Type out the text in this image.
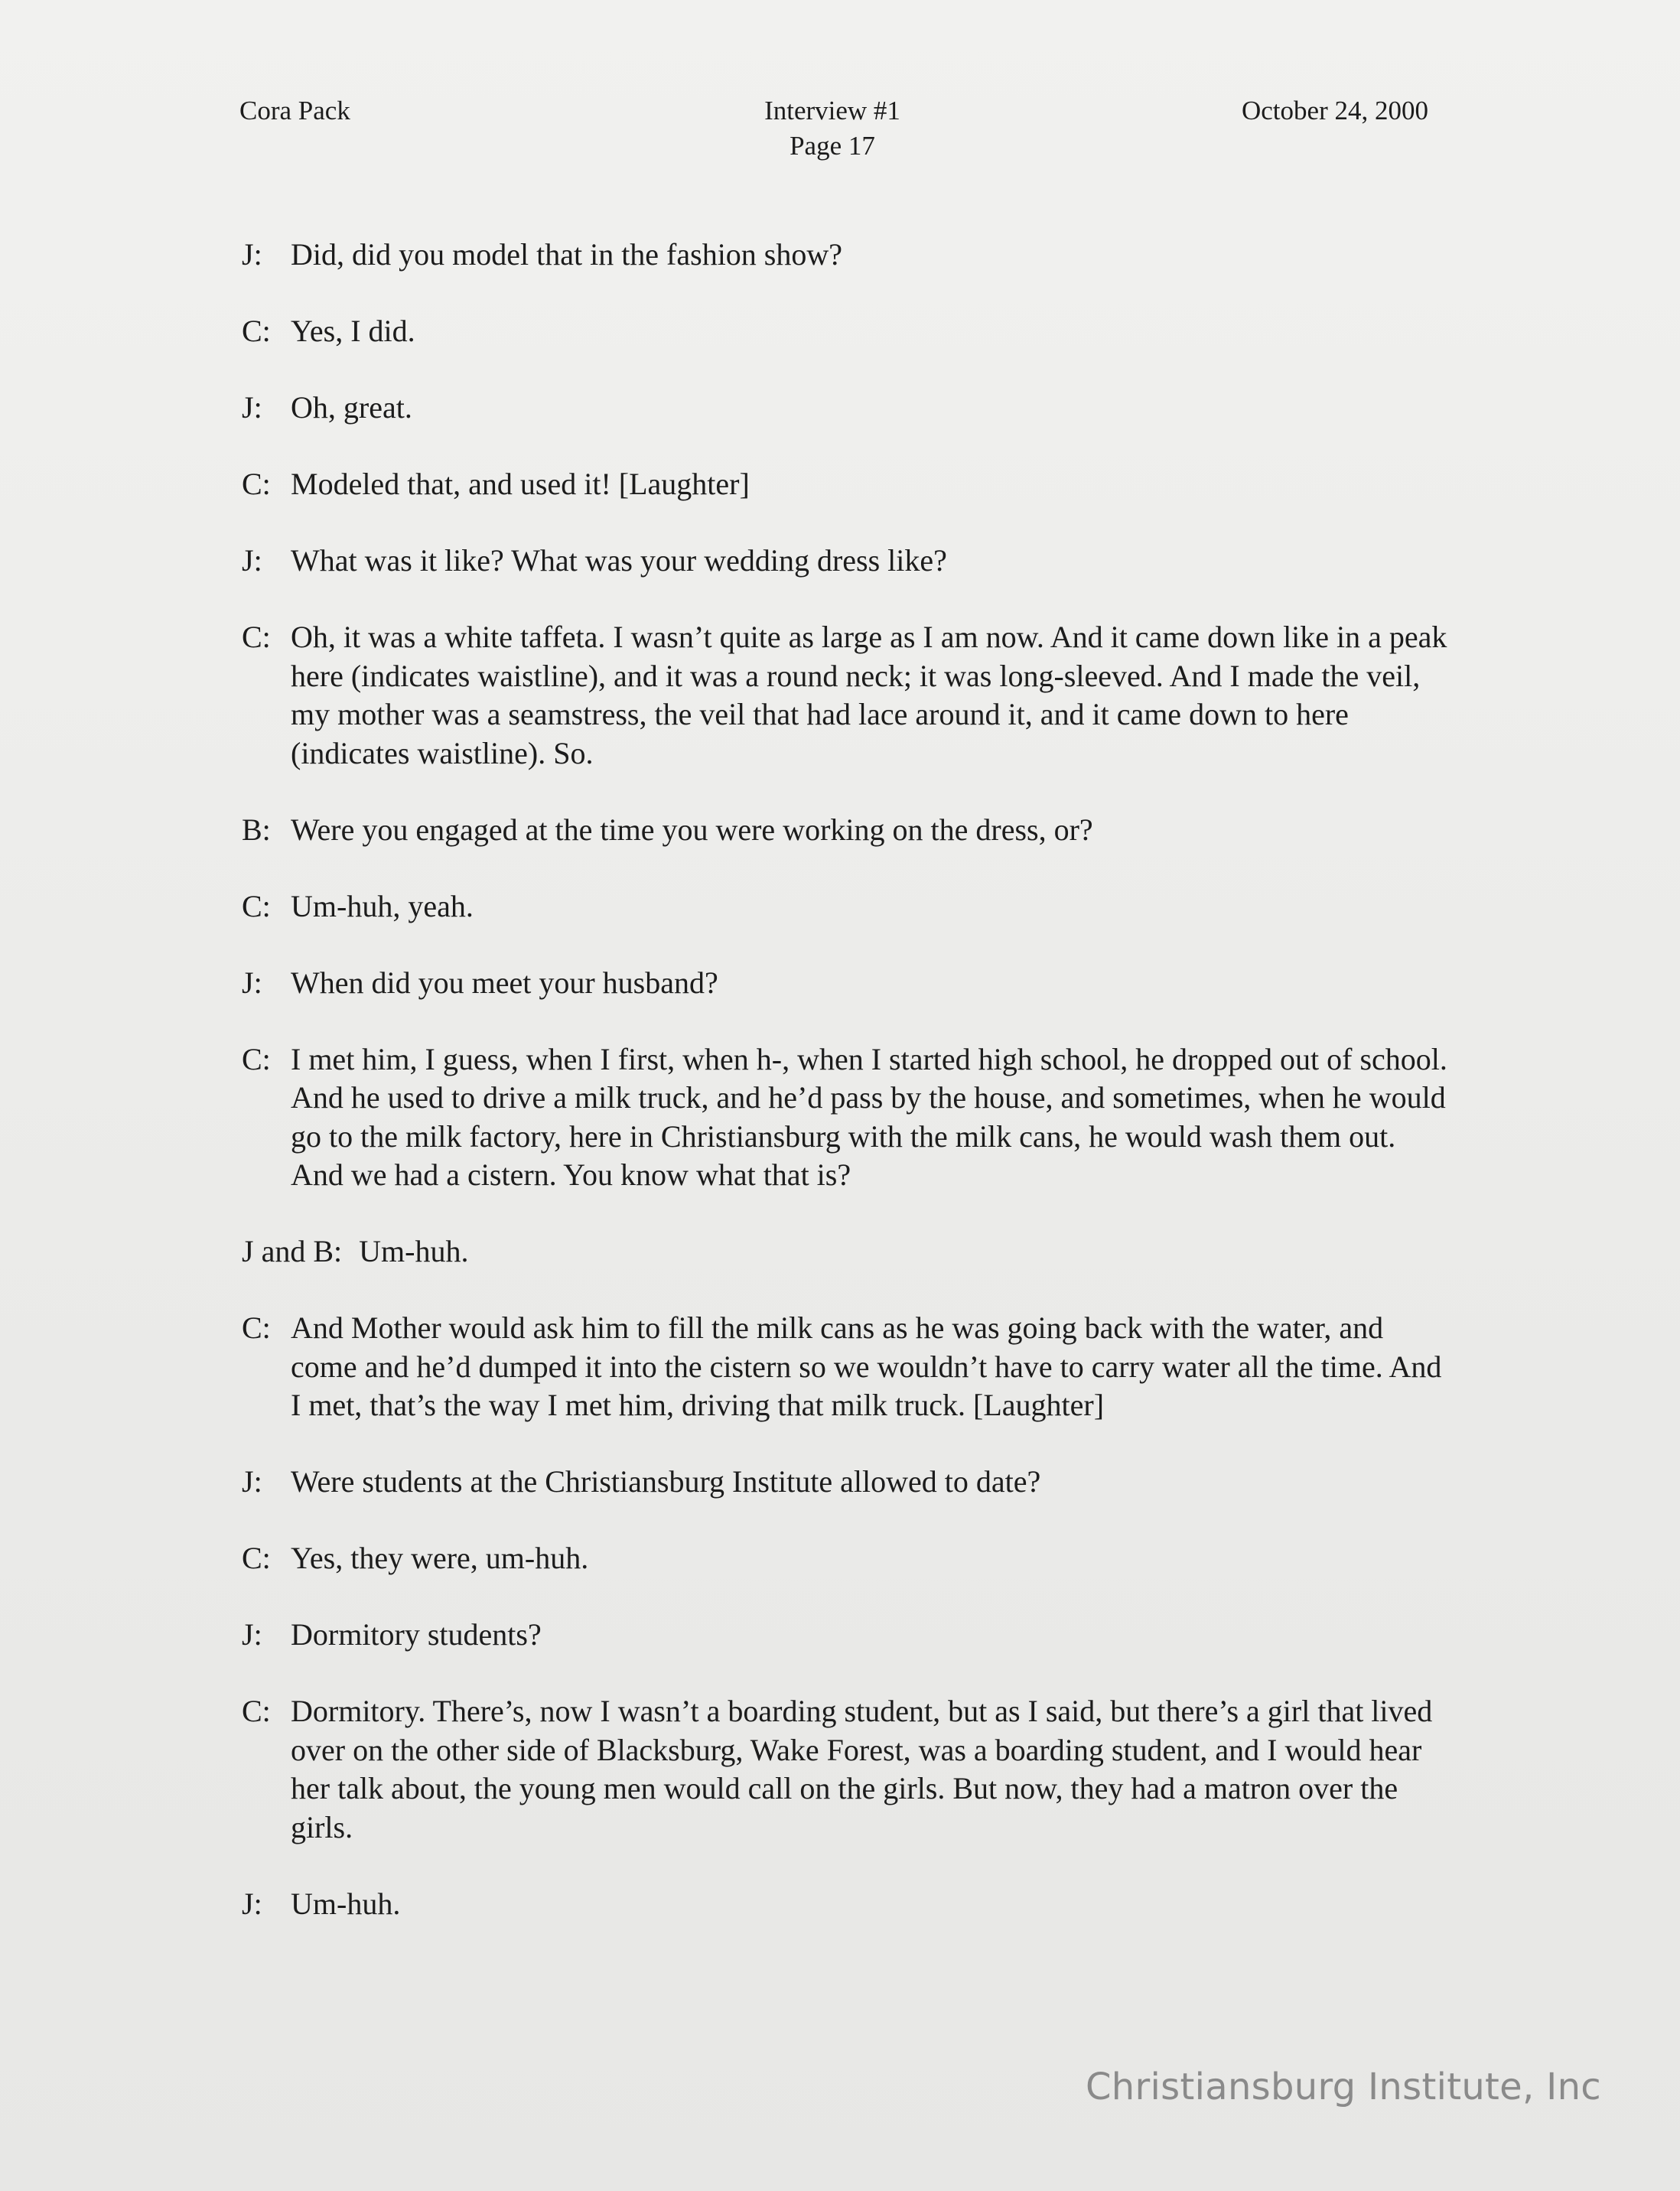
Cora Pack	Interview #1
Page 17
October 24, 2000
J: Did, did you model that in the fashion show?
C: Yes, I did.
J: Oh, great.
C: Modeled that, and used it! [Laughter]
J: What was it like? What was your wedding dress like?
C: Oh, it was a white taffeta. I wasn’t quite as large as I am now. And it came down like in a peak here (indicates waistline), and it was a round neck; it was long-sleeved. And I made the veil, my mother was a seamstress, the veil that had lace around it, and it came down to here (indicates waistline). So.
B: Were you engaged at the time you were working on the dress, or?
C: Um-huh, yeah.
J: When did you meet your husband?
C: I met him, I guess, when I first, when h-, when I started high school, he dropped out of school. And he used to drive a milk truck, and he’d pass by the house, and sometimes, when he would go to the milk factory, here in Christiansburg with the milk cans, he would wash them out. And we had a cistern. You know what that is?
J and B: Um-huh.
C: And Mother would ask him to fill the milk cans as he was going back with the water, and come and he’d dumped it into the cistern so we wouldn’t have to carry water all the time. And I met, that’s the way I met him, driving that milk truck. [Laughter]
J: Were students at the Christiansburg Institute allowed to date?
C: Yes, they were, um-huh.
J: Dormitory students?
C: Dormitory. There’s, now I wasn’t a boarding student, but as I said, but there’s a girl that lived over on the other side of Blacksburg, Wake Forest, was a boarding student, and I would hear her talk about, the young men would call on the girls. But now, they had a matron over the girls.
J: Um-huh.
Christiansburg Institute, Inc
